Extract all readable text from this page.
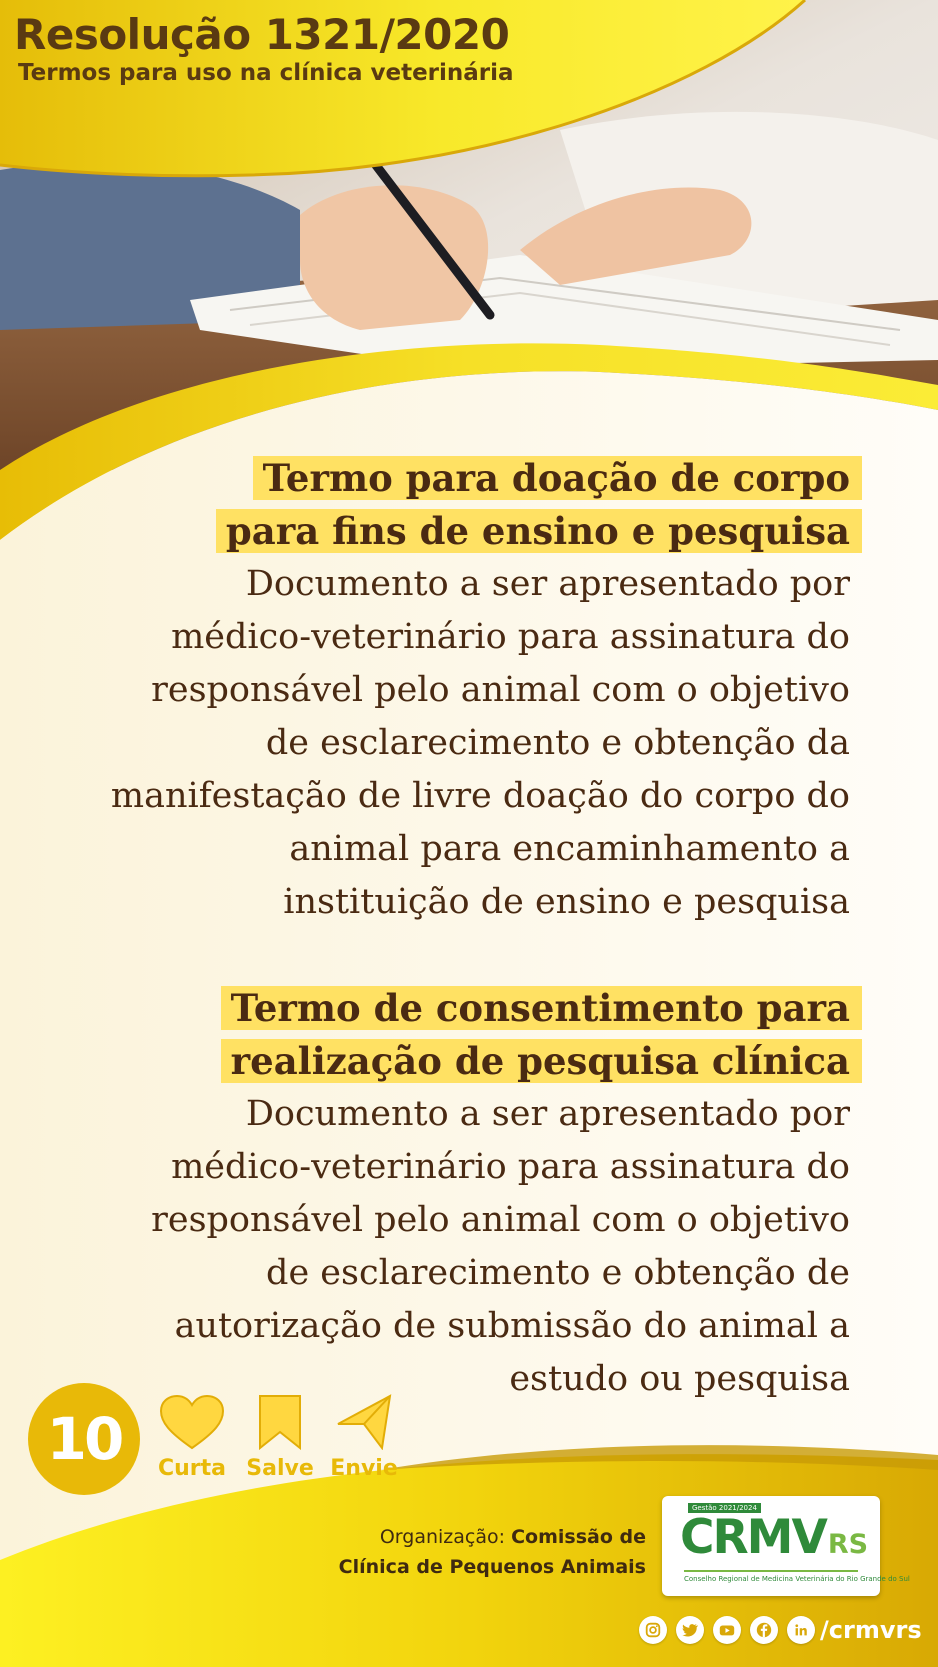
Resolução 1321/2020
Termos para uso na clínica veterinária
Termo para doação de corpo
para fins de ensino e pesquisa
Documento a ser apresentado por
médico-veterinário para assinatura do
responsável pelo animal com o objetivo
de esclarecimento e obtenção da
manifestação de livre doação do corpo do
animal para encaminhamento a
instituição de ensino e pesquisa
Termo de consentimento para
realização de pesquisa clínica
Documento a ser apresentado por
médico-veterinário para assinatura do
responsável pelo animal com o objetivo
de esclarecimento e obtenção de
autorização de submissão do animal a
estudo ou pesquisa
10	Curta Salve Envie
Organização: Comissão de
Clínica de Pequenos Animais
Gestão 2021/2024
CRMVRS
Conselho Regional de Medicina Veterinária do Rio Grande do Sul
/crmvrs
